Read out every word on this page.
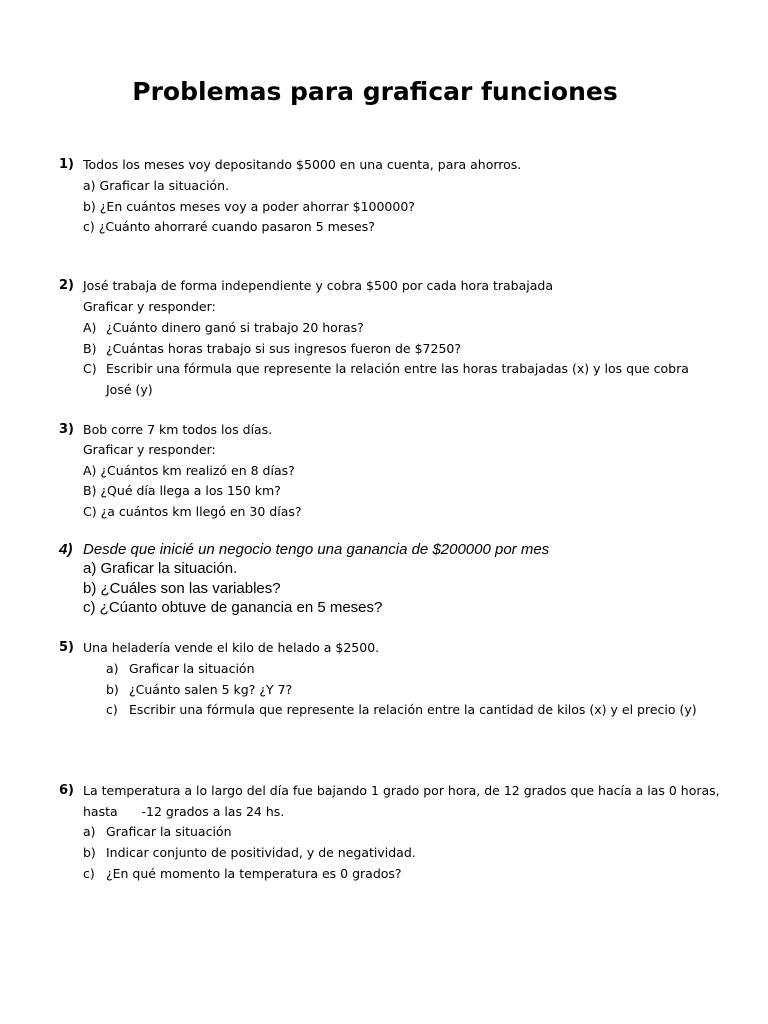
Problemas para graficar funciones
1) Todos los meses voy depositando $5000 en una cuenta, para ahorros.
a) Graficar la situación.
b) ¿En cuántos meses voy a poder ahorrar $100000?
c) ¿Cuánto ahorraré cuando pasaron 5 meses?
2) José trabaja de forma independiente y cobra $500 por cada hora trabajada
Graficar y responder:
A) ¿Cuánto dinero ganó si trabajo 20 horas?
B) ¿Cuántas horas trabajo si sus ingresos fueron de $7250?
C) Escribir una fórmula que represente la relación entre las horas trabajadas (x) y los que cobra
José (y)
3) Bob corre 7 km todos los días.
Graficar y responder:
A) ¿Cuántos km realizó en 8 días?
B) ¿Qué día llega a los 150 km?
C) ¿a cuántos km llegó en 30 días?
4) Desde que inicié un negocio tengo una ganancia de $200000 por mes
a) Graficar la situación.
b) ¿Cuáles son las variables?
c) ¿Cúanto obtuve de ganancia en 5 meses?
5) Una heladería vende el kilo de helado a $2500.
a) Graficar la situación
b) ¿Cuánto salen 5 kg? ¿Y 7?
c) Escribir una fórmula que represente la relación entre la cantidad de kilos (x) y el precio (y)
6) La temperatura a lo largo del día fue bajando 1 grado por hora, de 12 grados que hacía a las 0 horas,
hasta      -12 grados a las 24 hs.
a) Graficar la situación
b) Indicar conjunto de positividad, y de negatividad.
c) ¿En qué momento la temperatura es 0 grados?
